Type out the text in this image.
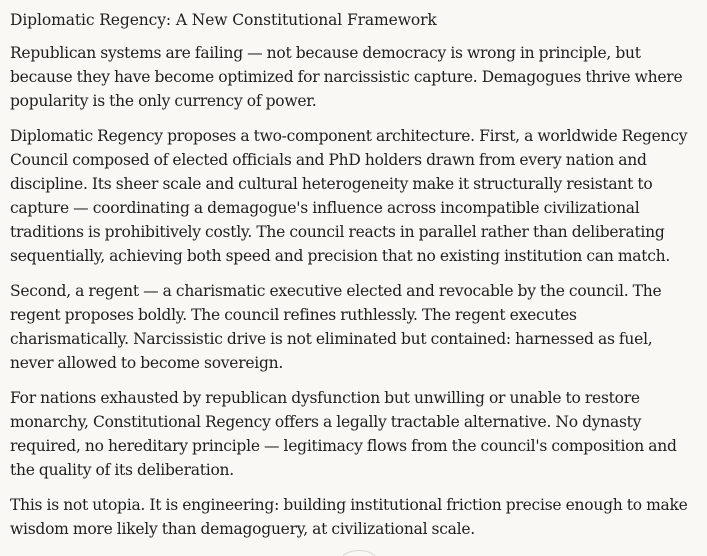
Diplomatic Regency: A New Constitutional Framework

Republican systems are failing — not because democracy is wrong in principle, but because they have become optimized for narcissistic capture. Demagogues thrive where popularity is the only currency of power.

Diplomatic Regency proposes a two-component architecture. First, a worldwide Regency Council composed of elected officials and PhD holders drawn from every nation and discipline. Its sheer scale and cultural heterogeneity make it structurally resistant to capture — coordinating a demagogue's influence across incompatible civilizational traditions is prohibitively costly. The council reacts in parallel rather than deliberating sequentially, achieving both speed and precision that no existing institution can match.

Second, a regent — a charismatic executive elected and revocable by the council. The regent proposes boldly. The council refines ruthlessly. The regent executes charismatically. Narcissistic drive is not eliminated but contained: harnessed as fuel, never allowed to become sovereign.

For nations exhausted by republican dysfunction but unwilling or unable to restore monarchy, Constitutional Regency offers a legally tractable alternative. No dynasty required, no hereditary principle — legitimacy flows from the council's composition and the quality of its deliberation.

This is not utopia. It is engineering: building institutional friction precise enough to make wisdom more likely than demagoguery, at civilizational scale.
